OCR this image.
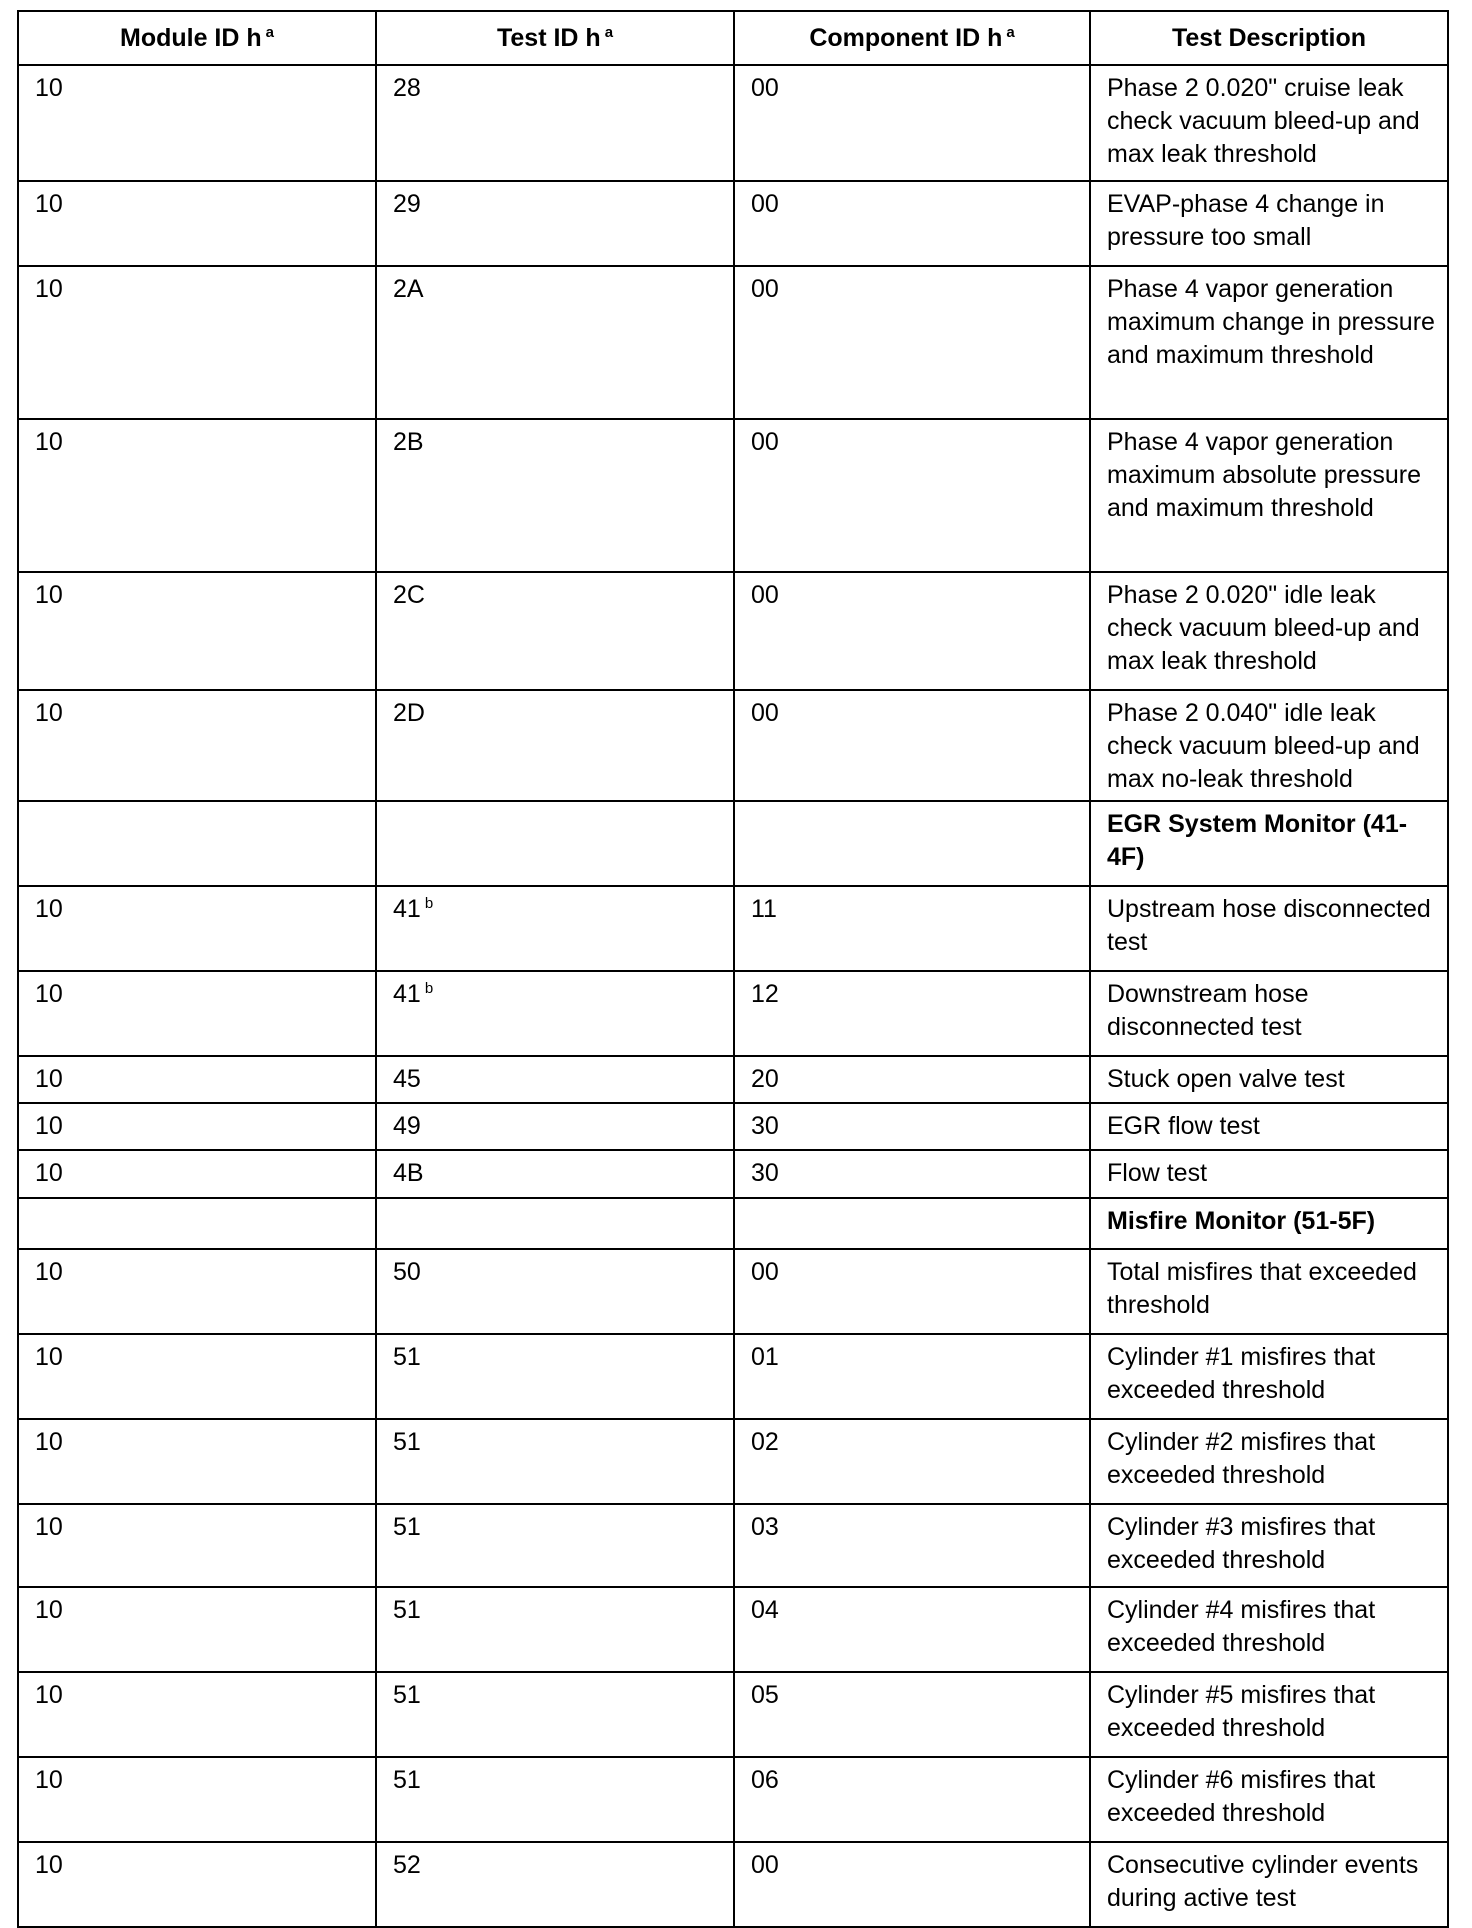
Module ID h $^a$	Test ID h $^a$	Component ID h $^a$	Test Description
10	28	00	Phase 2 0.020" cruise leak check vacuum bleed-up and max leak threshold
10	29	00	EVAP-phase 4 change in pressure too small
10	2A	00	Phase 4 vapor generation maximum change in pressure and maximum threshold
10	2B	00	Phase 4 vapor generation maximum absolute pressure and maximum threshold
10	2C	00	Phase 2 0.020" idle leak check vacuum bleed-up and max leak threshold
10	2D	00	Phase 2 0.040" idle leak check vacuum bleed-up and max no-leak threshold
			EGR System Monitor (41-4F)
10	41 $^b$	11	Upstream hose disconnected test
10	41 $^b$	12	Downstream hose disconnected test
10	45	20	Stuck open valve test
10	49	30	EGR flow test
10	4B	30	Flow test
			Misfire Monitor (51-5F)
10	50	00	Total misfires that exceeded threshold
10	51	01	Cylinder #1 misfires that exceeded threshold
10	51	02	Cylinder #2 misfires that exceeded threshold
10	51	03	Cylinder #3 misfires that exceeded threshold
10	51	04	Cylinder #4 misfires that exceeded threshold
10	51	05	Cylinder #5 misfires that exceeded threshold
10	51	06	Cylinder #6 misfires that exceeded threshold
10	52	00	Consecutive cylinder events during active test
